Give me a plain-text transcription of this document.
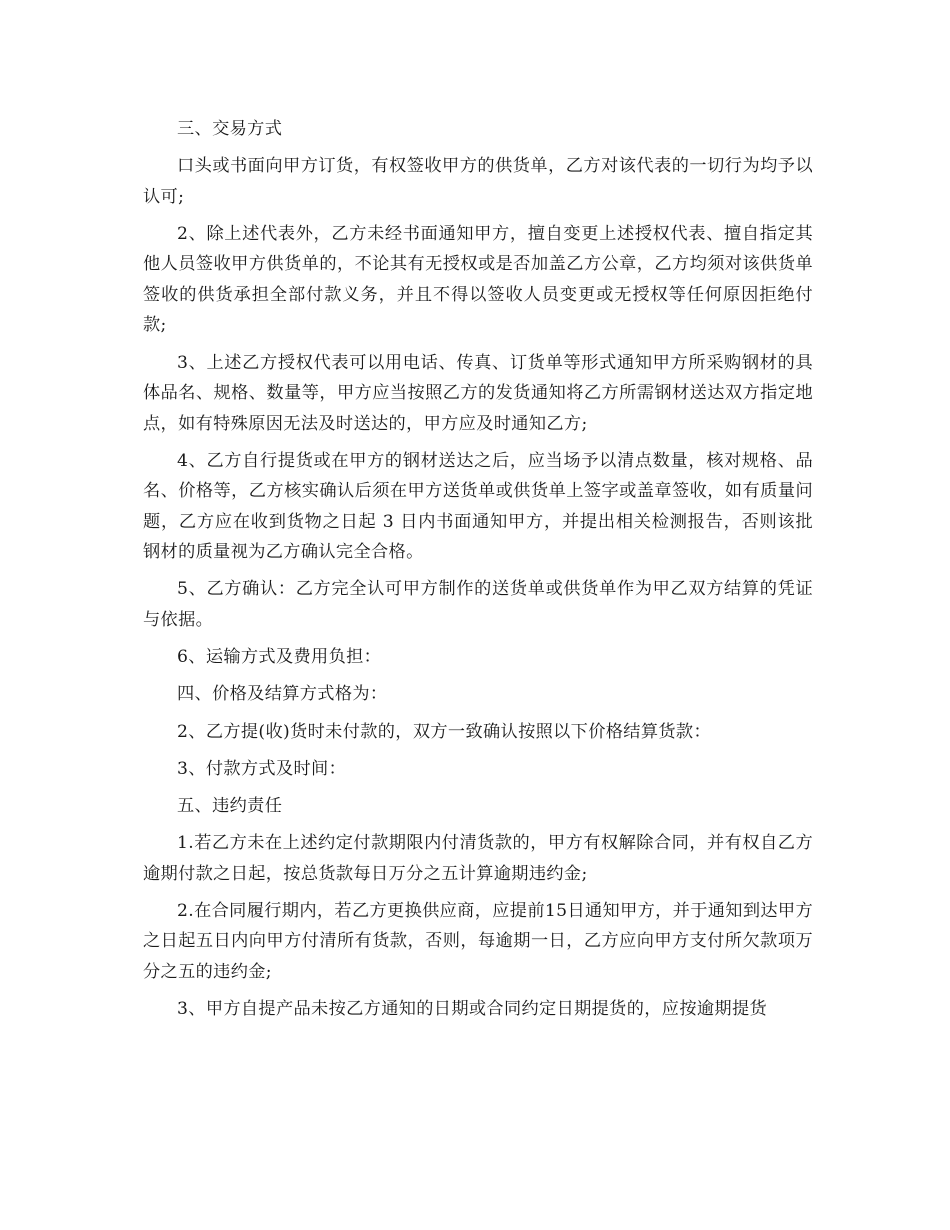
三、交易方式

口头或书面向甲方订货，有权签收甲方的供货单，乙方对该代表的一切行为均予以认可;

2、除上述代表外，乙方未经书面通知甲方，擅自变更上述授权代表、擅自指定其他人员签收甲方供货单的，不论其有无授权或是否加盖乙方公章，乙方均须对该供货单签收的供货承担全部付款义务，并且不得以签收人员变更或无授权等任何原因拒绝付款;

3、上述乙方授权代表可以用电话、传真、订货单等形式通知甲方所采购钢材的具体品名、规格、数量等，甲方应当按照乙方的发货通知将乙方所需钢材送达双方指定地点，如有特殊原因无法及时送达的，甲方应及时通知乙方;

4、乙方自行提货或在甲方的钢材送达之后，应当场予以清点数量，核对规格、品名、价格等，乙方核实确认后须在甲方送货单或供货单上签字或盖章签收，如有质量问题，乙方应在收到货物之日起 3 日内书面通知甲方，并提出相关检测报告，否则该批钢材的质量视为乙方确认完全合格。

5、乙方确认：乙方完全认可甲方制作的送货单或供货单作为甲乙双方结算的凭证与依据。

6、运输方式及费用负担：

四、价格及结算方式格为：

2、乙方提(收)货时未付款的，双方一致确认按照以下价格结算货款：

3、付款方式及时间：

五、违约责任

1.若乙方未在上述约定付款期限内付清货款的，甲方有权解除合同，并有权自乙方逾期付款之日起，按总货款每日万分之五计算逾期违约金;

2.在合同履行期内，若乙方更换供应商，应提前15日通知甲方，并于通知到达甲方之日起五日内向甲方付清所有货款，否则，每逾期一日，乙方应向甲方支付所欠款项万分之五的违约金;

3、甲方自提产品未按乙方通知的日期或合同约定日期提货的，应按逾期提货
